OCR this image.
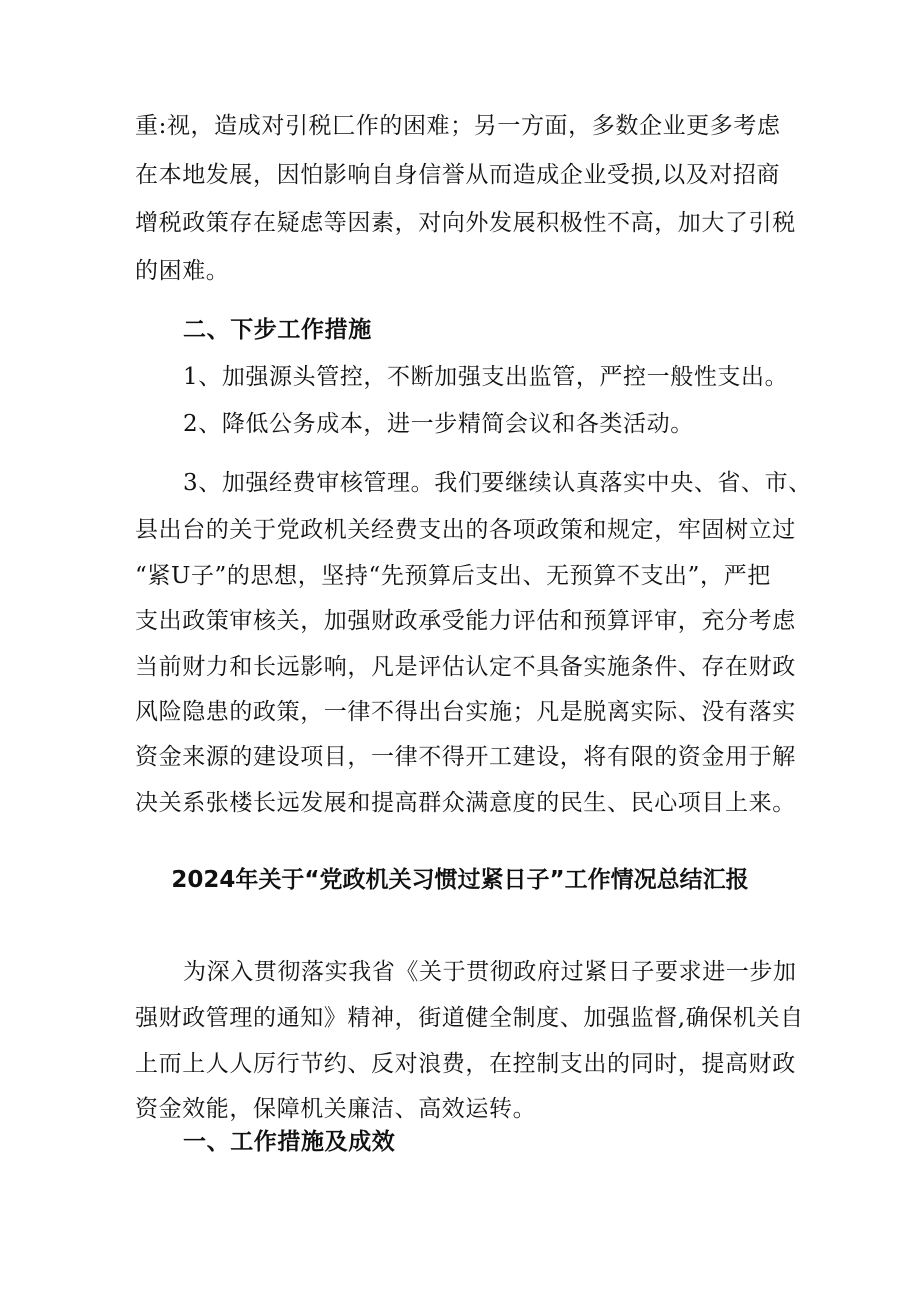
重:视，造成对引税匚作的困难；另一方面，多数企业更多考虑
在本地发展，因怕影响自身信誉从而造成企业受损,以及对招商
增税政策存在疑虑等因素，对向外发展积极性不高，加大了引税
的困难。
二、下步工作措施
1、加强源头管控，不断加强支出监管，严控一般性支出。
2、降低公务成本，进一步精简会议和各类活动。
3、加强经费审核管理。我们要继续认真落实中央、省、市、
县出台的关于党政机关经费支出的各项政策和规定，牢固树立过
“紧U子”的思想，坚持“先预算后支出、无预算不支出”，严把
支出政策审核关，加强财政承受能力评估和预算评审，充分考虑
当前财力和长远影响，凡是评估认定不具备实施条件、存在财政
风险隐患的政策，一律不得出台实施；凡是脱离实际、没有落实
资金来源的建设项目，一律不得开工建设，将有限的资金用于解
决关系张楼长远发展和提高群众满意度的民生、民心项目上来。
2024年关于“党政机关习惯过紧日子”工作情况总结汇报
为深入贯彻落实我省《关于贯彻政府过紧日子要求进一步加
强财政管理的通知》精神，街道健全制度、加强监督,确保机关自
上而上人人厉行节约、反对浪费，在控制支出的同时，提高财政
资金效能，保障机关廉洁、高效运转。
一、工作措施及成效
